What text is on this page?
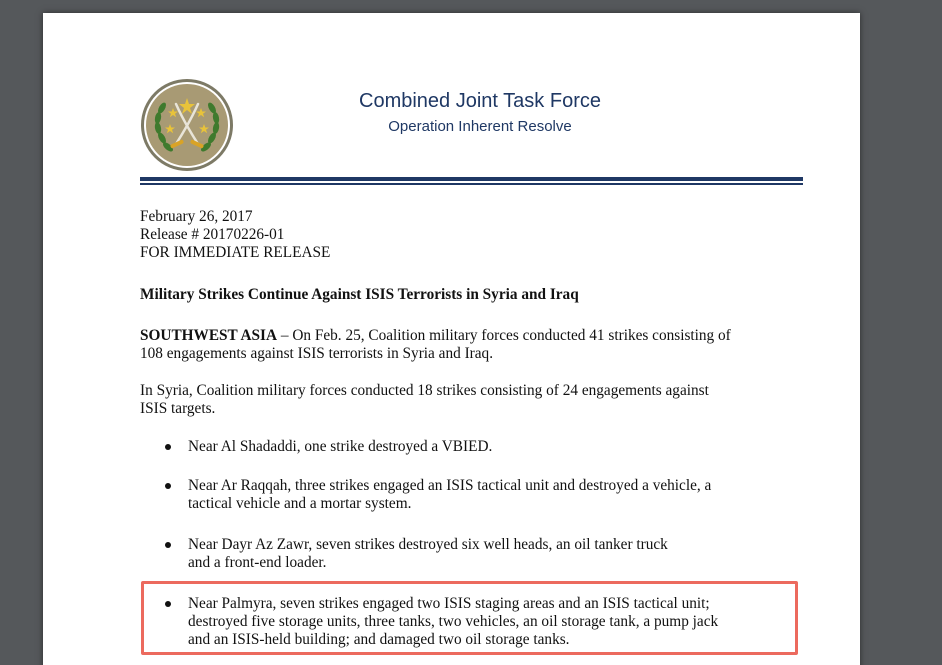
Combined Joint Task Force

Operation Inherent Resolve

February 26, 2017
Release # 20170226-01
FOR IMMEDIATE RELEASE

Military Strikes Continue Against ISIS Terrorists in Syria and Iraq

SOUTHWEST ASIA – On Feb. 25, Coalition military forces conducted 41 strikes consisting of
108 engagements against ISIS terrorists in Syria and Iraq.

In Syria, Coalition military forces conducted 18 strikes consisting of 24 engagements against
ISIS targets.

Near Al Shadaddi, one strike destroyed a VBIED.
Near Ar Raqqah, three strikes engaged an ISIS tactical unit and destroyed a vehicle, a
tactical vehicle and a mortar system.
Near Dayr Az Zawr, seven strikes destroyed six well heads, an oil tanker truck
and a front-end loader.
Near Palmyra, seven strikes engaged two ISIS staging areas and an ISIS tactical unit;
destroyed five storage units, three tanks, two vehicles, an oil storage tank, a pump jack
and an ISIS-held building; and damaged two oil storage tanks.
